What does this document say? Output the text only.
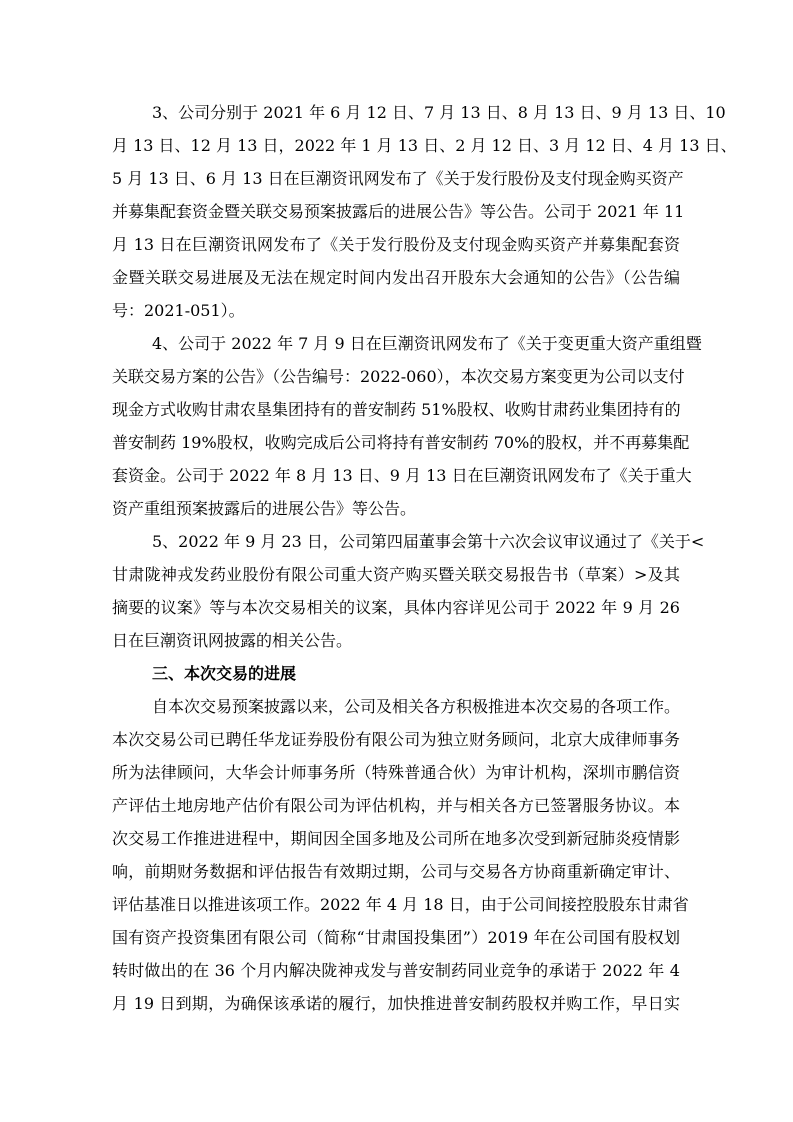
3、公司分别于 2021 年 6 月 12 日、7 月 13 日、8 月 13 日、9 月 13 日、10
月 13 日、12 月 13 日，2022 年 1 月 13 日、2 月 12 日、3 月 12 日、4 月 13 日、
5 月 13 日、6 月 13 日在巨潮资讯网发布了《关于发行股份及支付现金购买资产
并募集配套资金暨关联交易预案披露后的进展公告》等公告。公司于 2021 年 11
月 13 日在巨潮资讯网发布了《关于发行股份及支付现金购买资产并募集配套资
金暨关联交易进展及无法在规定时间内发出召开股东大会通知的公告》（公告编
号：2021-051）。
4、公司于 2022 年 7 月 9 日在巨潮资讯网发布了《关于变更重大资产重组暨
关联交易方案的公告》（公告编号：2022-060），本次交易方案变更为公司以支付
现金方式收购甘肃农垦集团持有的普安制药 51%股权、收购甘肃药业集团持有的
普安制药 19%股权，收购完成后公司将持有普安制药 70%的股权，并不再募集配
套资金。公司于 2022 年 8 月 13 日、9 月 13 日在巨潮资讯网发布了《关于重大
资产重组预案披露后的进展公告》等公告。
5、2022 年 9 月 23 日，公司第四届董事会第十六次会议审议通过了《关于<
甘肃陇神戎发药业股份有限公司重大资产购买暨关联交易报告书（草案）>及其
摘要的议案》等与本次交易相关的议案，具体内容详见公司于 2022 年 9 月 26
日在巨潮资讯网披露的相关公告。
三、本次交易的进展
自本次交易预案披露以来，公司及相关各方积极推进本次交易的各项工作。
本次交易公司已聘任华龙证券股份有限公司为独立财务顾问，北京大成律师事务
所为法律顾问，大华会计师事务所（特殊普通合伙）为审计机构，深圳市鹏信资
产评估土地房地产估价有限公司为评估机构，并与相关各方已签署服务协议。本
次交易工作推进进程中，期间因全国多地及公司所在地多次受到新冠肺炎疫情影
响，前期财务数据和评估报告有效期过期，公司与交易各方协商重新确定审计、
评估基准日以推进该项工作。2022 年 4 月 18 日，由于公司间接控股股东甘肃省
国有资产投资集团有限公司（简称“甘肃国投集团”）2019 年在公司国有股权划
转时做出的在 36 个月内解决陇神戎发与普安制药同业竞争的承诺于 2022 年 4
月 19 日到期，为确保该承诺的履行，加快推进普安制药股权并购工作，早日实
